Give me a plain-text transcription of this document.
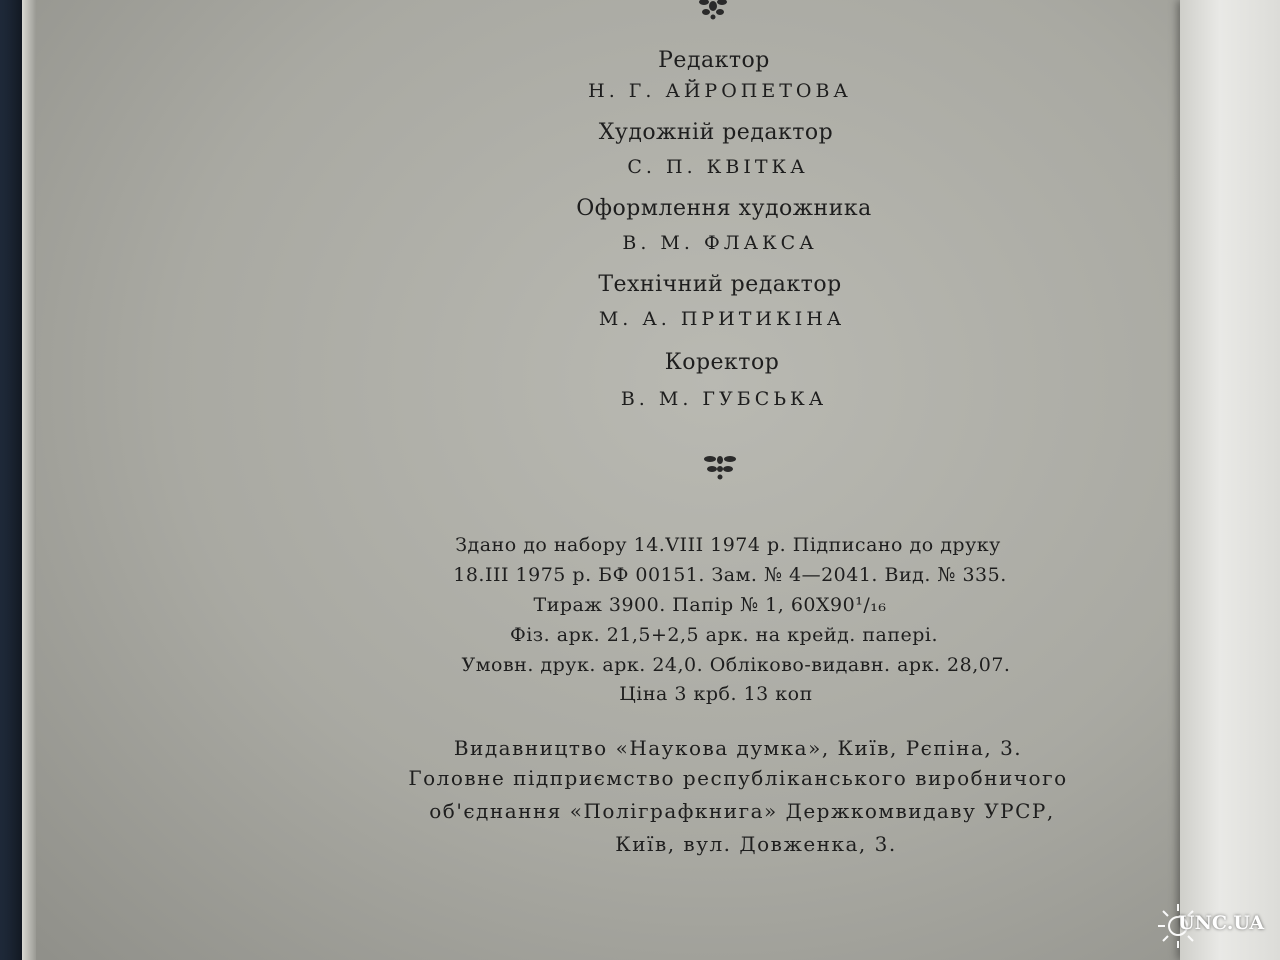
Редактор
Н. Г. АЙРОПЕТОВА
Художній редактор
С. П. КВІТКА
Оформлення художника
В. М. ФЛАКСА
Технічний редактор
М. А. ПРИТИКІНА
Коректор
В. М. ГУБСЬКА
Здано до набору 14.VIII 1974 р. Підписано до друку
18.III 1975 р. БФ 00151. Зам. № 4—2041. Вид. № 335.
Тираж 3900. Папір № 1, 60Х90¹/₁₆
Фіз. арк. 21,5+2,5 арк. на крейд. папері.
Умовн. друк. арк. 24,0. Обліково-видавн. арк. 28,07.
Ціна 3 крб. 13 коп
Видавництво «Наукова думка», Київ, Рєпіна, 3.
Головне підприємство республіканського виробничого
об'єднання «Поліграфкнига» Держкомвидаву УРСР,
Київ, вул. Довженка, 3.
UNC.UA
